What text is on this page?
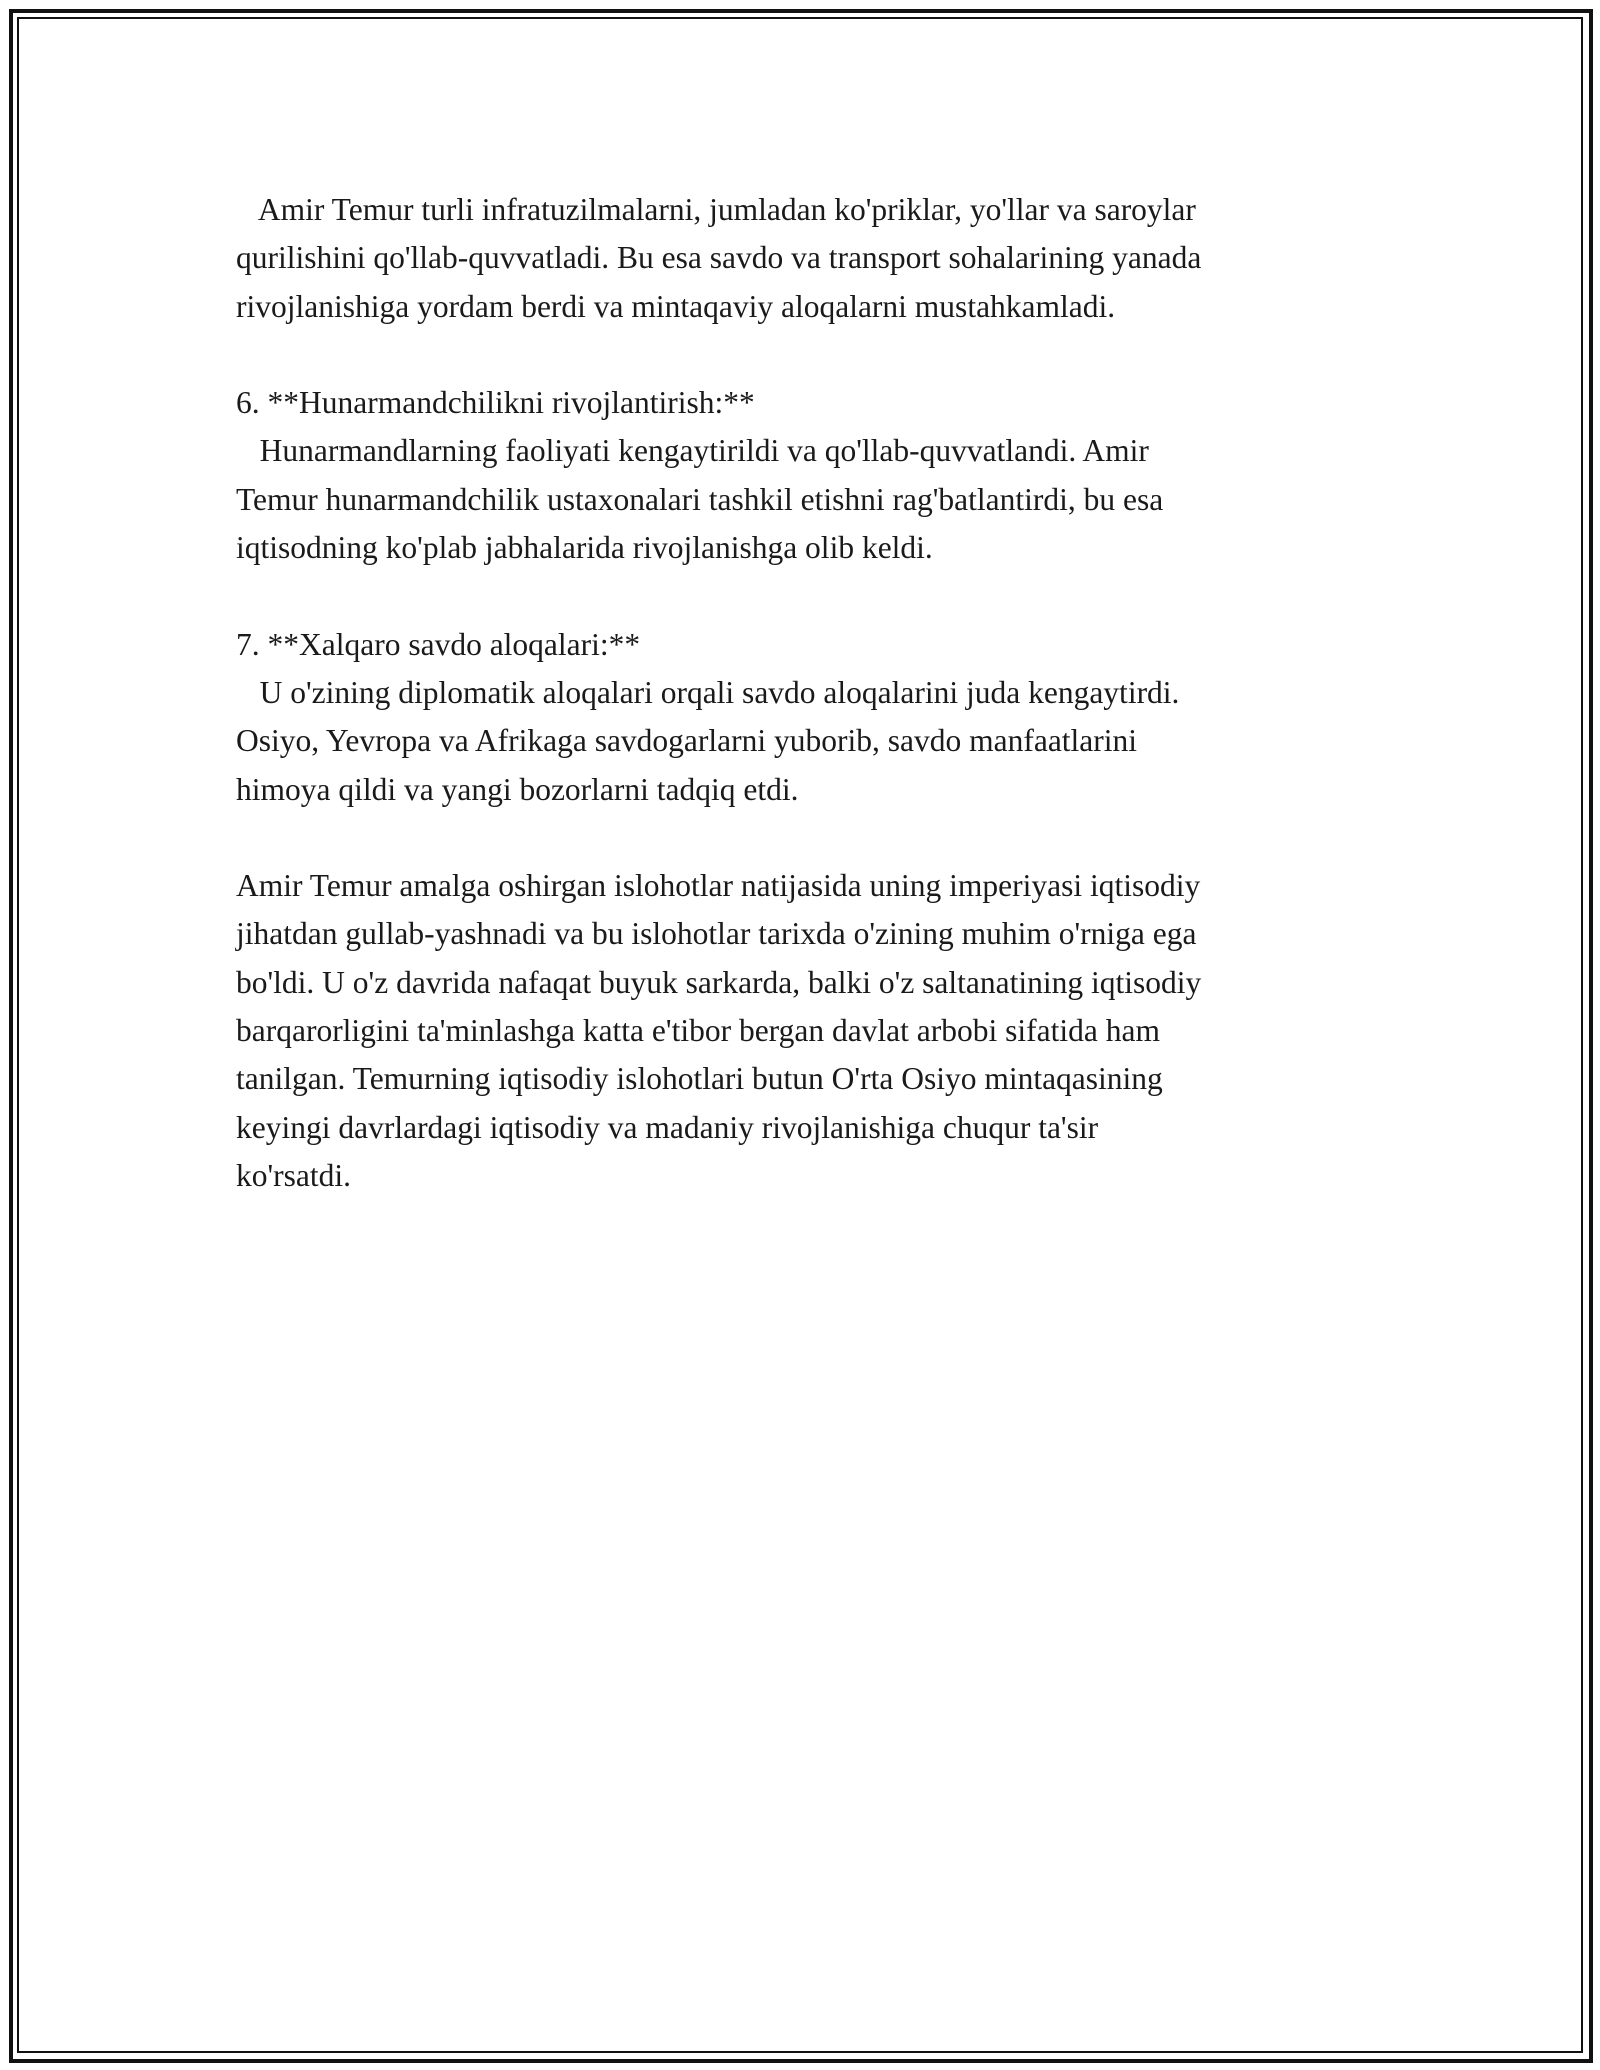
Amir Temur turli infratuzilmalarni, jumladan ko'priklar, yo'llar va saroylar

qurilishini qo'llab-quvvatladi. Bu esa savdo va transport sohalarining yanada

rivojlanishiga yordam berdi va mintaqaviy aloqalarni mustahkamladi.

6. **Hunarmandchilikni rivojlantirish:**

Hunarmandlarning faoliyati kengaytirildi va qo'llab-quvvatlandi. Amir

Temur hunarmandchilik ustaxonalari tashkil etishni rag'batlantirdi, bu esa

iqtisodning ko'plab jabhalarida rivojlanishga olib keldi.

7. **Xalqaro savdo aloqalari:**

U o'zining diplomatik aloqalari orqali savdo aloqalarini juda kengaytirdi.

Osiyo, Yevropa va Afrikaga savdogarlarni yuborib, savdo manfaatlarini

himoya qildi va yangi bozorlarni tadqiq etdi.

Amir Temur amalga oshirgan islohotlar natijasida uning imperiyasi iqtisodiy

jihatdan gullab-yashnadi va bu islohotlar tarixda o'zining muhim o'rniga ega

bo'ldi. U o'z davrida nafaqat buyuk sarkarda, balki o'z saltanatining iqtisodiy

barqarorligini ta'minlashga katta e'tibor bergan davlat arbobi sifatida ham

tanilgan. Temurning iqtisodiy islohotlari butun O'rta Osiyo mintaqasining

keyingi davrlardagi iqtisodiy va madaniy rivojlanishiga chuqur ta'sir

ko'rsatdi.
